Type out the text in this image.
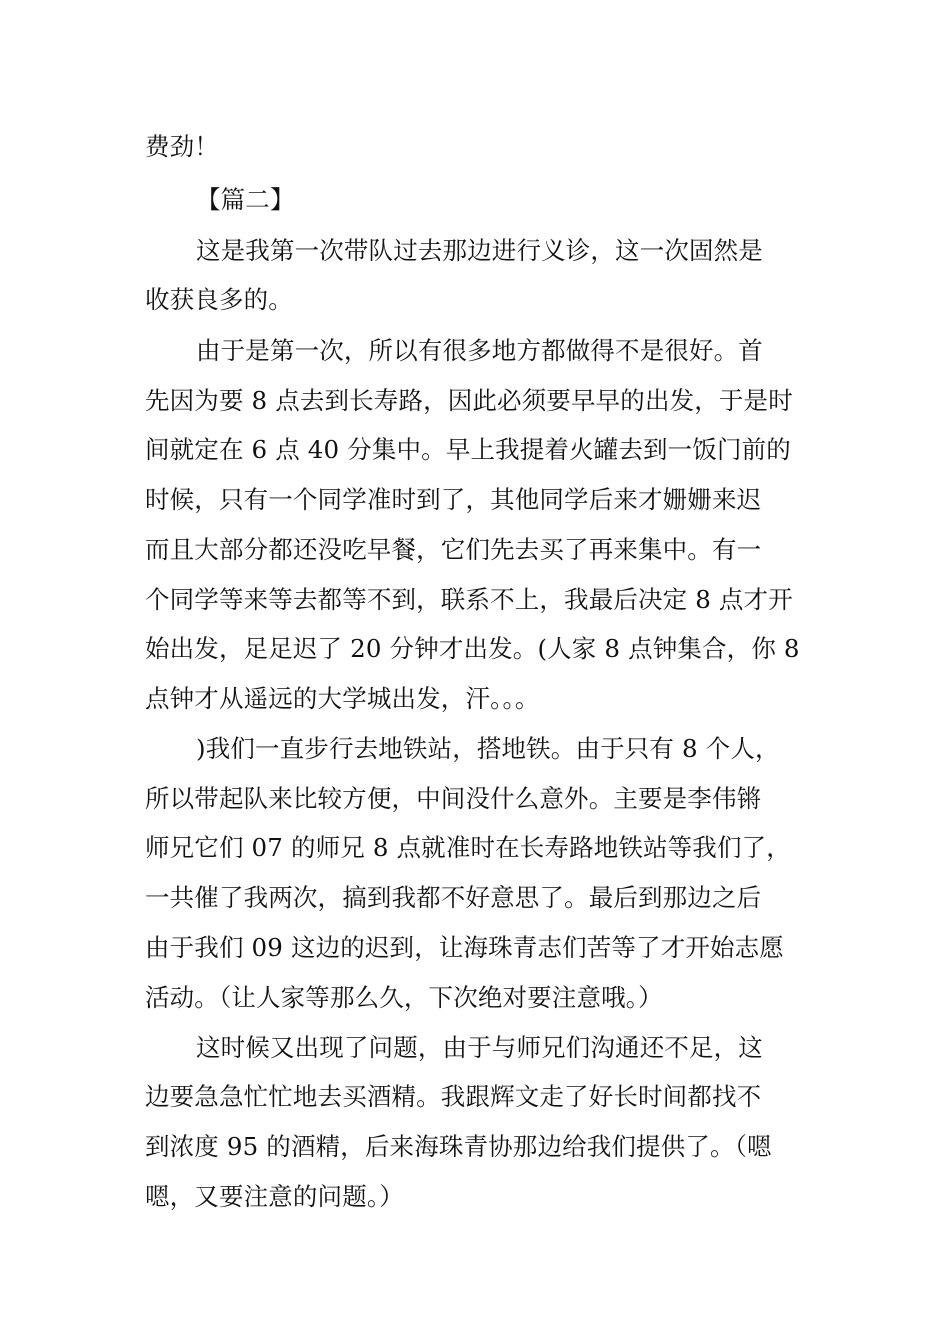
费劲！
【篇二】
这是我第一次带队过去那边进行义诊，这一次固然是
收获良多的。
由于是第一次，所以有很多地方都做得不是很好。首
先因为要 8 点去到长寿路，因此必须要早早的出发，于是时
间就定在 6 点 40 分集中。早上我提着火罐去到一饭门前的
时候，只有一个同学准时到了，其他同学后来才姗姗来迟
而且大部分都还没吃早餐，它们先去买了再来集中。有一
个同学等来等去都等不到，联系不上，我最后决定 8 点才开
始出发，足足迟了 20 分钟才出发。(人家 8 点钟集合，你 8
点钟才从遥远的大学城出发，汗。。。
)我们一直步行去地铁站，搭地铁。由于只有 8 个人，
所以带起队来比较方便，中间没什么意外。主要是李伟锵
师兄它们 07 的师兄 8 点就准时在长寿路地铁站等我们了，
一共催了我两次，搞到我都不好意思了。最后到那边之后
由于我们 09 这边的迟到，让海珠青志们苦等了才开始志愿
活动。（让人家等那么久，下次绝对要注意哦。）
这时候又出现了问题，由于与师兄们沟通还不足，这
边要急急忙忙地去买酒精。我跟辉文走了好长时间都找不
到浓度 95 的酒精，后来海珠青协那边给我们提供了。（嗯
嗯，又要注意的问题。）
